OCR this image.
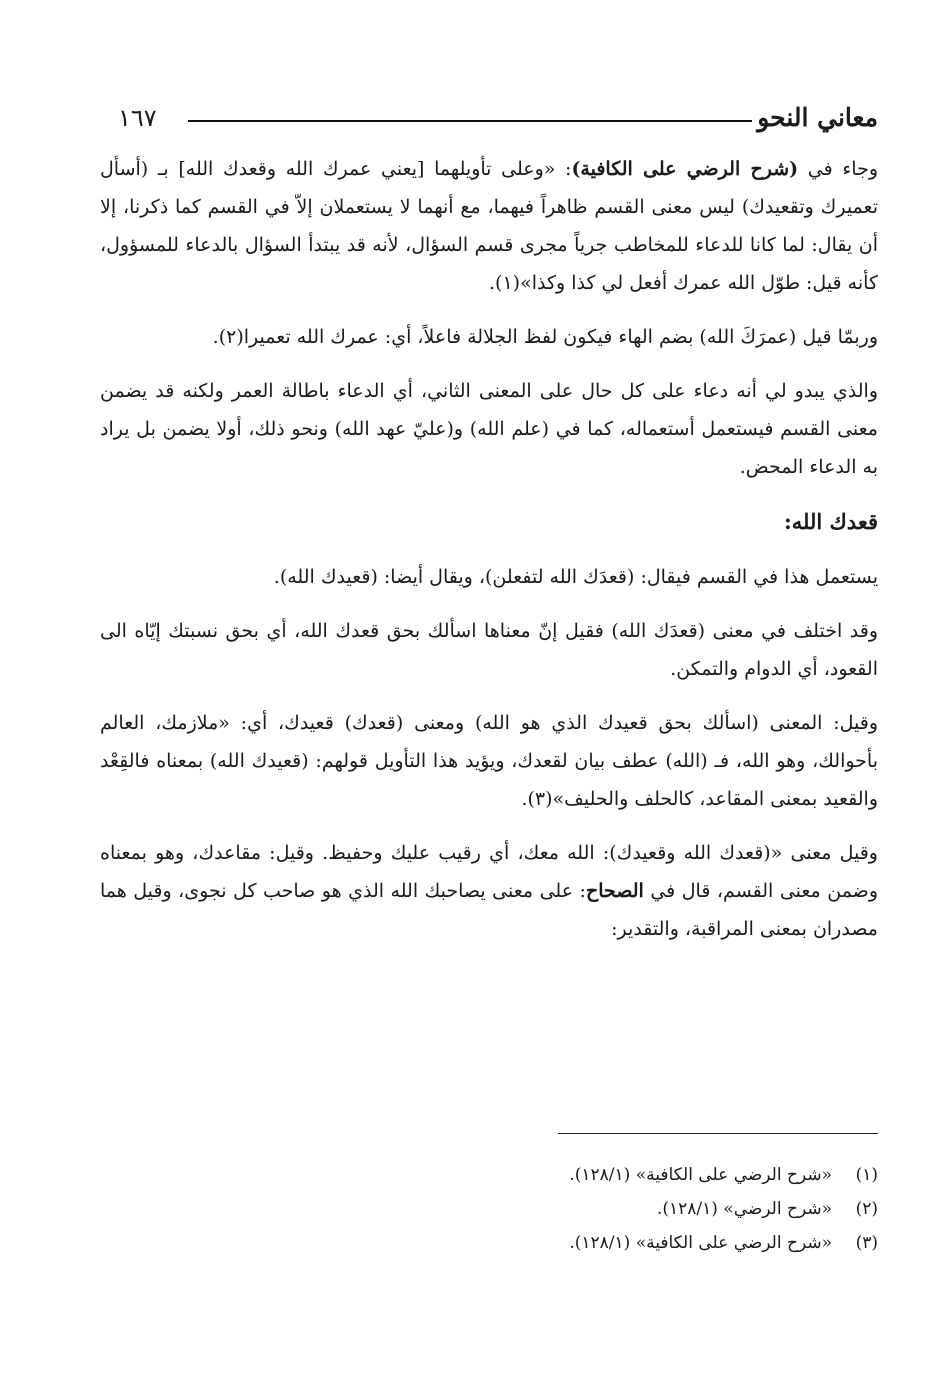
معاني النحو
١٦٧

وجاء في (شرح الرضي على الكافية): «وعلى تأويلهما [يعني عمرك الله وقعدك الله] بـ (أسأل تعميرك وتقعيدك) ليس معنى القسم ظاهراً فيهما، مع أنهما لا يستعملان إلاّ في القسم كما ذكرنا، إلا أن يقال: لما كانا للدعاء للمخاطب جرياً مجرى قسم السؤال، لأنه قد يبتدأ السؤال بالدعاء للمسؤول، كأنه قيل: طوّل الله عمرك أفعل لي كذا وكذا»(١).

وربمّا قيل (عمرَكَ الله) بضم الهاء فيكون لفظ الجلالة فاعلاً، أي: عمرك الله تعميرا(٢).

والذي يبدو لي أنه دعاء على كل حال على المعنى الثاني، أي الدعاء باطالة العمر ولكنه قد يضمن معنى القسم فيستعمل أستعماله، كما في (علم الله) و(عليّ عهد الله) ونحو ذلك، أولا يضمن بل يراد به الدعاء المحض.

قعدك الله:

يستعمل هذا في القسم فيقال: (قعدَك الله لتفعلن)، ويقال أيضا: (قعيدك الله).

وقد اختلف في معنى (قعدَك الله) فقيل إنّ معناها اسألك بحق قعدك الله، أي بحق نسبتك إيّاه الى القعود، أي الدوام والتمكن.

وقيل: المعنى (اسألك بحق قعيدك الذي هو الله) ومعنى (قعدك) قعيدك، أي: «ملازمك، العالم بأحوالك، وهو الله، فـ (الله) عطف بيان لقعدك، ويؤيد هذا التأويل قولهم: (قعيدك الله) بمعناه فالقِعْد والقعيد بمعنى المقاعد، كالحلف والحليف»(٣).

وقيل معنى «(قعدك الله وقعيدك): الله معك، أي رقيب عليك وحفيظ. وقيل: مقاعدك، وهو بمعناه وضمن معنى القسم، قال في الصحاح: على معنى يصاحبك الله الذي هو صاحب كل نجوى، وقيل هما مصدران بمعنى المراقبة، والتقدير:

(١)«شرح الرضي على الكافية» (١٢٨/١).
(٢)«شرح الرضي» (١٢٨/١).
(٣)«شرح الرضي على الكافية» (١٢٨/١).
